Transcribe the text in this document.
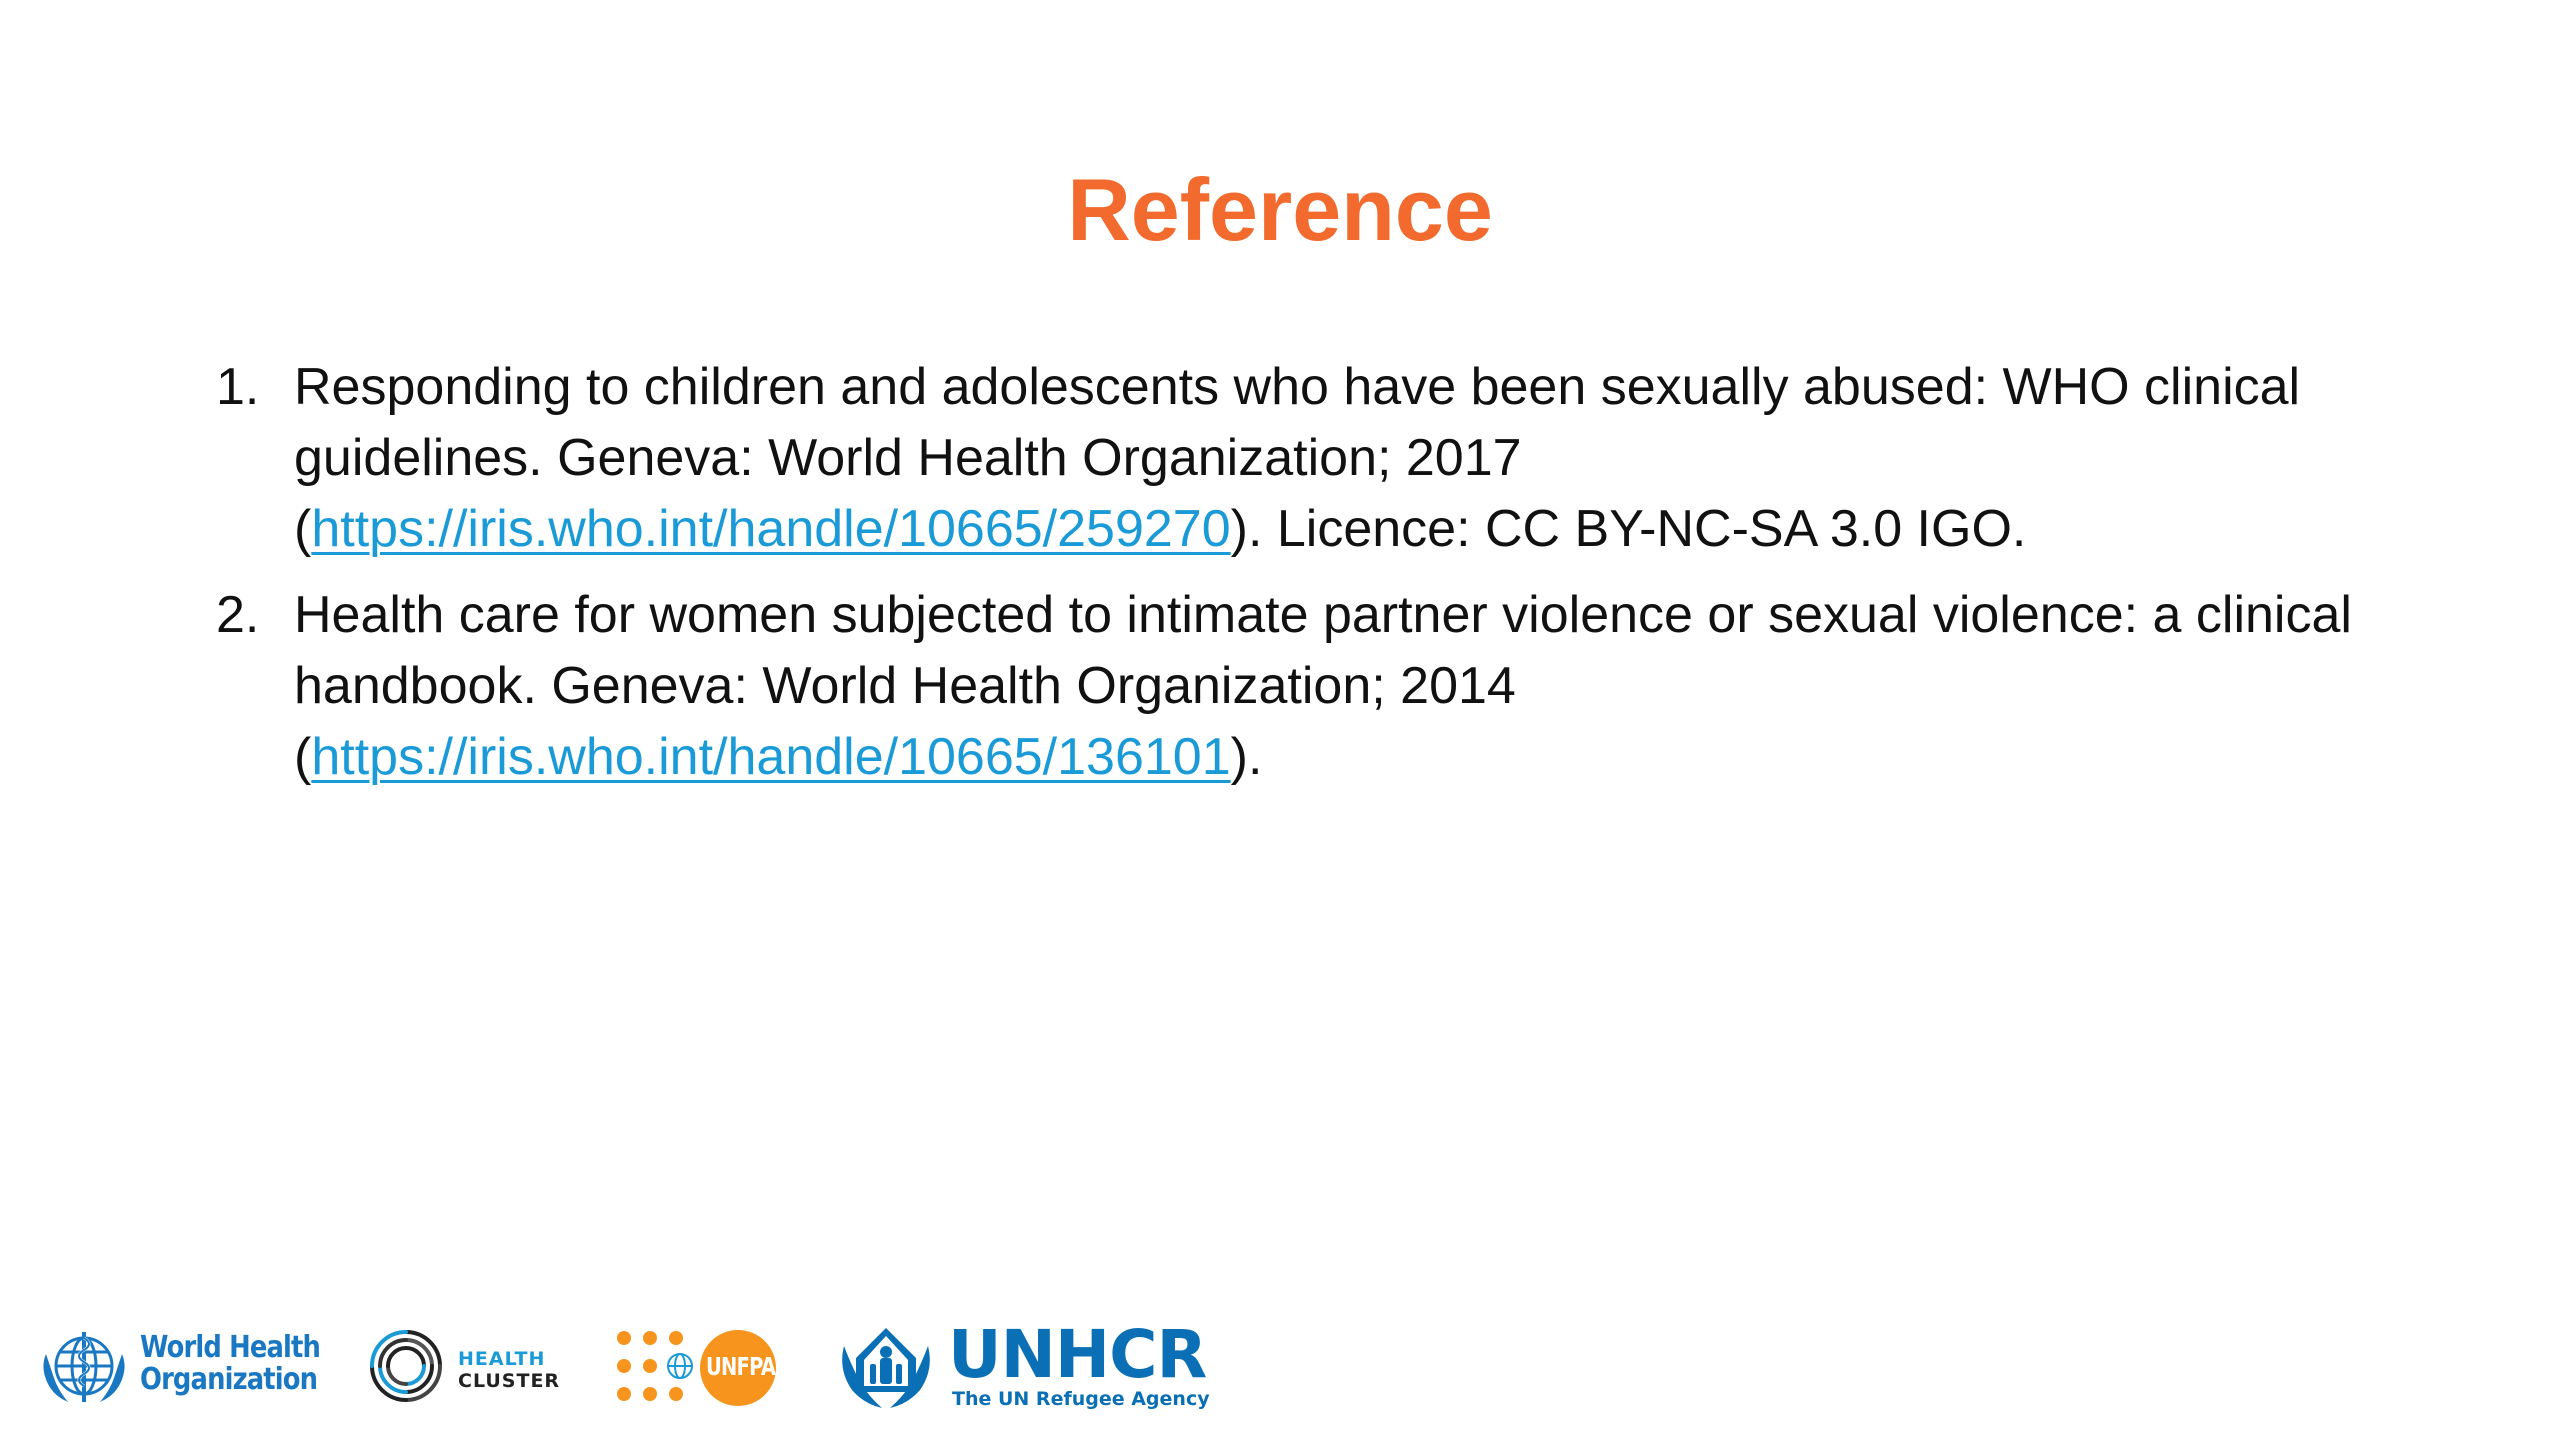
Reference
1. Responding to children and adolescents who have been sexually abused: WHO clinical guidelines. Geneva: World Health Organization; 2017 (https://iris.who.int/handle/10665/259270). Licence: CC BY-NC-SA 3.0 IGO.
2. Health care for women subjected to intimate partner violence or sexual violence: a clinical handbook. Geneva: World Health Organization; 2014 (https://iris.who.int/handle/10665/136101).
World Health
Organization
HEALTH
CLUSTER	UNFPA	UNHCR
The UN Refugee Agency
